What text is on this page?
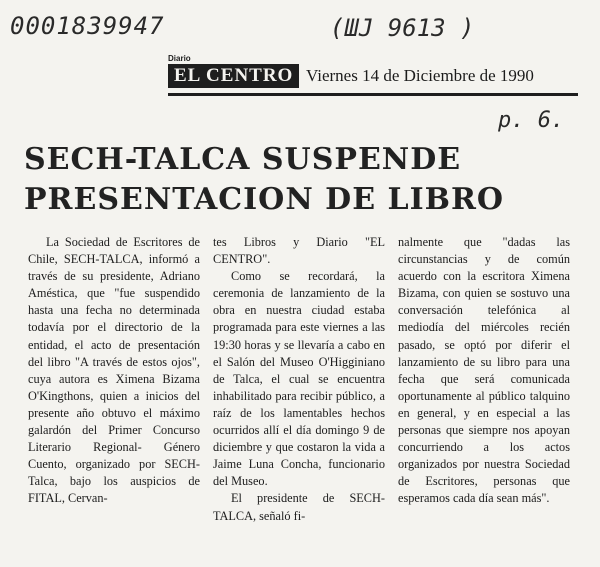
0001839947	(ШЈ 9613 )
p. 6.
Diario
EL CENTRO Viernes 14 de Diciembre de 1990
SECH-TALCA SUSPENDE
PRESENTACION DE LIBRO

La Sociedad de Escritores de Chile, SECH-TALCA, informó a través de su presidente, Adriano Améstica, que "fue suspendido hasta una fecha no determinada todavía por el directorio de la entidad, el acto de presentación del libro "A través de estos ojos", cuya autora es Ximena Bizama O'Kingthons, quien a inicios del presente año obtuvo el máximo galardón del Primer Concurso Literario Regional- Género Cuento, organizado por SECH-Talca, bajo los auspicios de FITAL, Cervan-

tes Libros y Diario "EL CENTRO".

Como se recordará, la ceremonia de lanzamiento de la obra en nuestra ciudad estaba programada para este viernes a las 19:30 horas y se llevaría a cabo en el Salón del Museo O'Higginiano de Talca, el cual se encuentra inhabilitado para recibir público, a raíz de los lamentables hechos ocurridos allí el día domingo 9 de diciembre y que costaron la vida a Jaime Luna Concha, funcionario del Museo.

El presidente de SECH-TALCA, señaló fi-

nalmente que "dadas las circunstancias y de común acuerdo con la escritora Ximena Bizama, con quien se sostuvo una conversación telefónica al mediodía del miércoles recién pasado, se optó por diferir el lanzamiento de su libro para una fecha que será comunicada oportunamente al público talquino en general, y en especial a las personas que siempre nos apoyan concurriendo a los actos organizados por nuestra Sociedad de Escritores, personas que esperamos cada día sean más".
